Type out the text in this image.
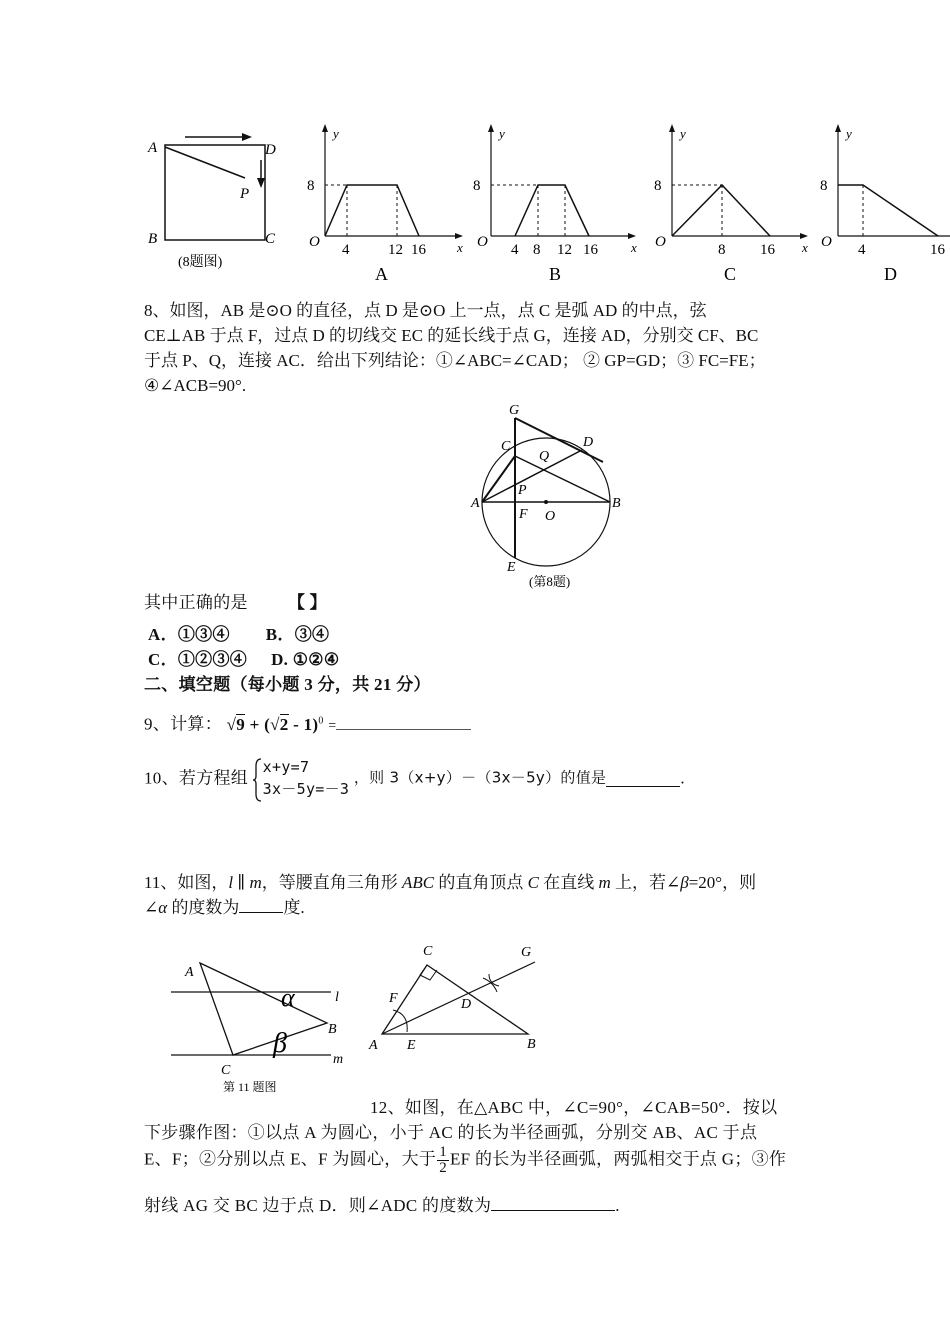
A
B	C
D
P
(8题图)
y
x
O
8
4	12 16
A
y
x
O
8
4 8 12 16
B
y
x
O
8
8 16
C
y
O
8
4	16
D
8、如图，AB 是⊙O 的直径，点 D 是⊙O 上一点，点 C 是弧 AD 的中点，弦
CE⊥AB 于点 F，过点 D 的切线交 EC 的延长线于点 G，连接 AD，分别交 CF、BC
于点 P、Q，连接 AC．给出下列结论：①∠ABC=∠CAD； ② GP=GD；③ FC=FE；
④∠ACB=90°.
G
C	D
Q
A
P
B
F O
E
(第8题)
其中正确的是 【 】
A．①③④ B．③④
C．①②③④ D. ①②④
二、填空题（每小题 3 分，共 21 分）
9、计算： √9 + (√2 - 1)$^0$ =
10、若方程组
x+y=7
3x－5y=－3
，则 3（x+y）－（3x－5y）的值是	.
11、如图，l ∥ m，等腰直角三角形 ABC 的直角顶点 C 在直线 m 上，若∠β=20°，则
∠α 的度数为	度.
A
α	l
B
β
C
m
第 11 题图
C	G
F	D
A E	B
12、如图，在△ABC 中，∠C=90°，∠CAB=50°．按以
下步骤作图：①以点 A 为圆心，小于 AC 的长为半径画弧，分别交 AB、AC 于点
E、F；②分别以点 E、F 为圆心，大于 $\frac{1}{2}$ EF 的长为半径画弧，两弧相交于点 G；③作
射线 AG 交 BC 边于点 D．则∠ADC 的度数为	.
